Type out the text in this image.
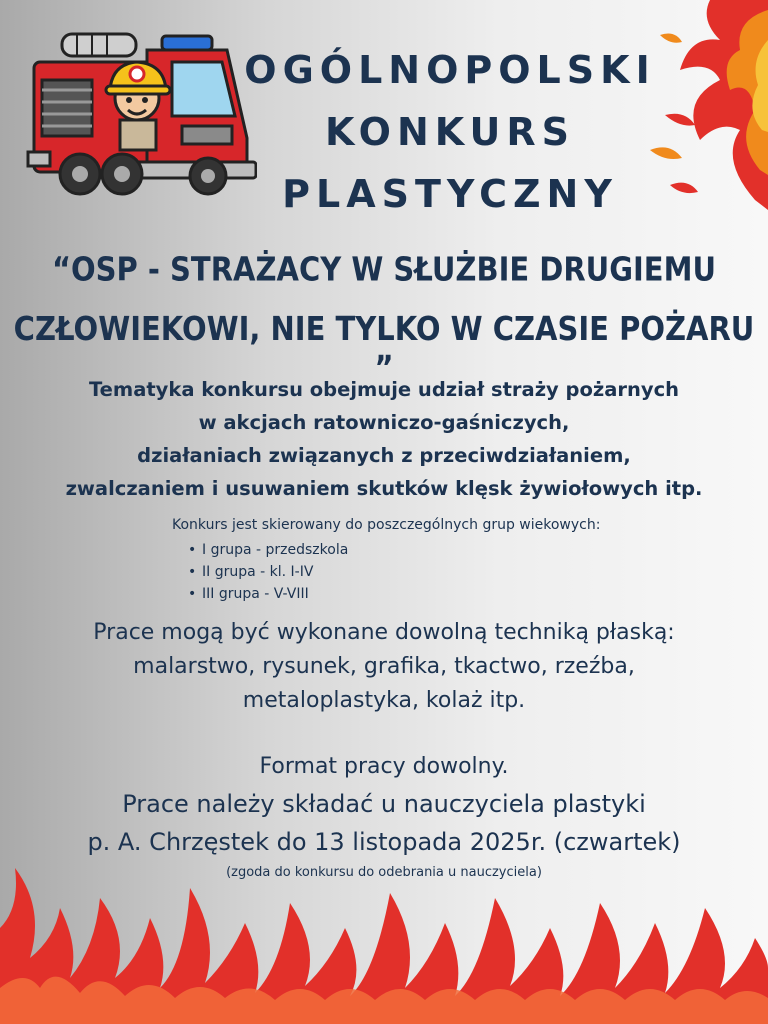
OGÓLNOPOLSKI
KONKURS
PLASTYCZNY
“OSP - STRAŻACY W SŁUŻBIE DRUGIEMU
CZŁOWIEKOWI, NIE TYLKO W CZASIE POŻARU ”
Tematyka konkursu obejmuje udział straży pożarnych
w akcjach ratowniczo-gaśniczych,
działaniach związanych z przeciwdziałaniem,
zwalczaniem i usuwaniem skutków klęsk żywiołowych itp.
Konkurs jest skierowany do poszczególnych grup wiekowych:
• I grupa - przedszkola
• II grupa - kl. I-IV
• III grupa - V-VIII
Prace mogą być wykonane dowolną techniką płaską:
malarstwo, rysunek, grafika, tkactwo, rzeźba,
metaloplastyka, kolaż itp.
Format pracy dowolny.
Prace należy składać u nauczyciela plastyki
p. A. Chrzęstek do 13 listopada 2025r. (czwartek)
(zgoda do konkursu do odebrania u nauczyciela)
